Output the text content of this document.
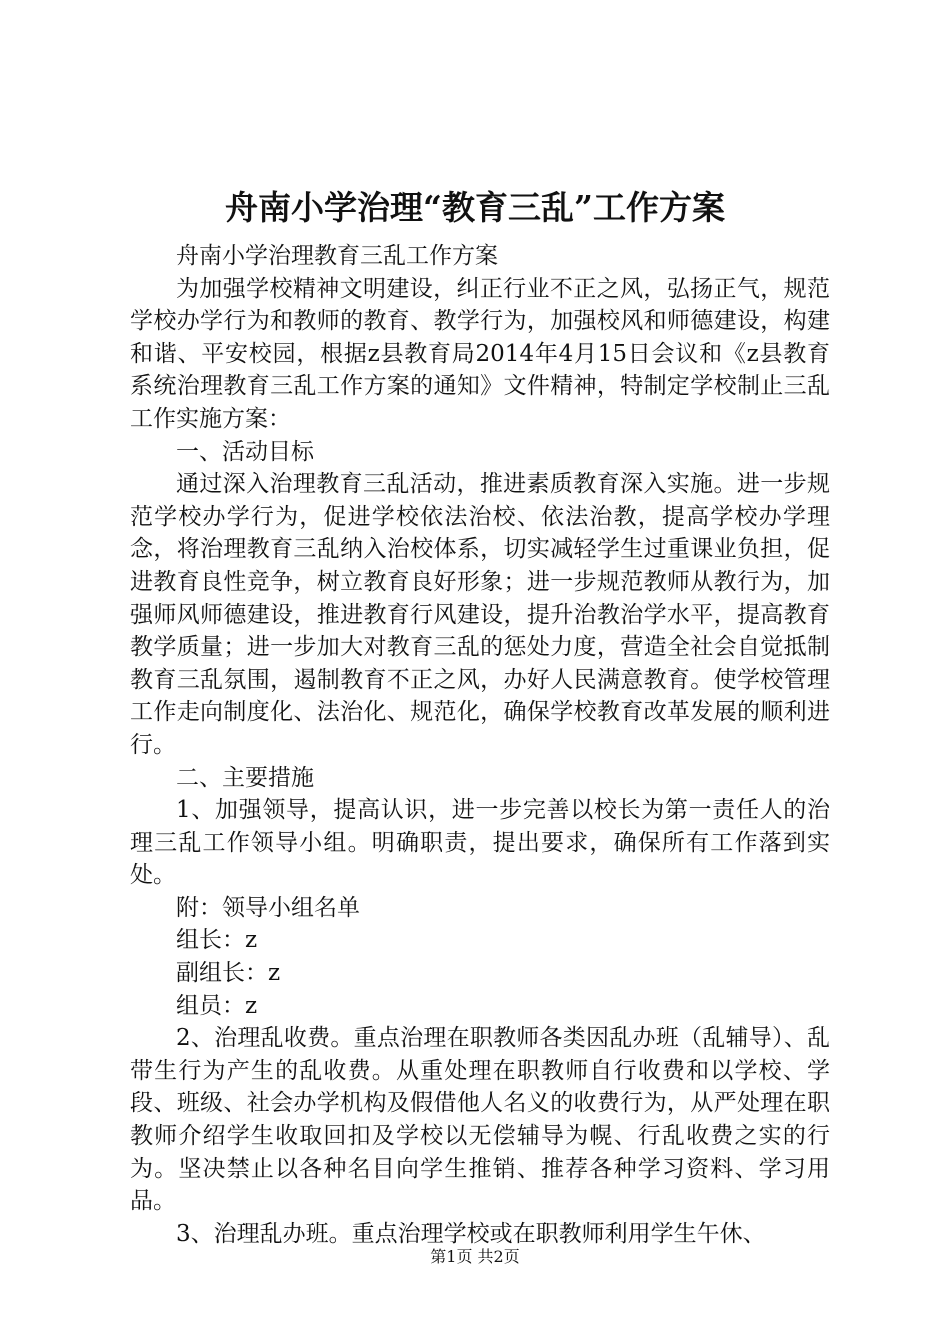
舟南小学治理“教育三乱”工作方案

舟南小学治理教育三乱工作方案

为加强学校精神文明建设，纠正行业不正之风，弘扬正气，规范学校办学行为和教师的教育、教学行为，加强校风和师德建设，构建和谐、平安校园，根据z县教育局2014年4月15日会议和《z县教育系统治理教育三乱工作方案的通知》文件精神，特制定学校制止三乱工作实施方案：

一、活动目标

通过深入治理教育三乱活动，推进素质教育深入实施。进一步规范学校办学行为，促进学校依法治校、依法治教，提高学校办学理念，将治理教育三乱纳入治校体系，切实减轻学生过重课业负担，促进教育良性竞争，树立教育良好形象；进一步规范教师从教行为，加强师风师德建设，推进教育行风建设，提升治教治学水平，提高教育教学质量；进一步加大对教育三乱的惩处力度，营造全社会自觉抵制教育三乱氛围，遏制教育不正之风，办好人民满意教育。使学校管理工作走向制度化、法治化、规范化，确保学校教育改革发展的顺利进行。

二、主要措施

1、加强领导，提高认识，进一步完善以校长为第一责任人的治理三乱工作领导小组。明确职责，提出要求，确保所有工作落到实处。

附：领导小组名单

组长：z

副组长：z

组员：z

2、治理乱收费。重点治理在职教师各类因乱办班（乱辅导）、乱带生行为产生的乱收费。从重处理在职教师自行收费和以学校、学段、班级、社会办学机构及假借他人名义的收费行为，从严处理在职教师介绍学生收取回扣及学校以无偿辅导为幌、行乱收费之实的行为。坚决禁止以各种名目向学生推销、推荐各种学习资料、学习用品。

3、治理乱办班。重点治理学校或在职教师利用学生午休、

第1页 共2页
